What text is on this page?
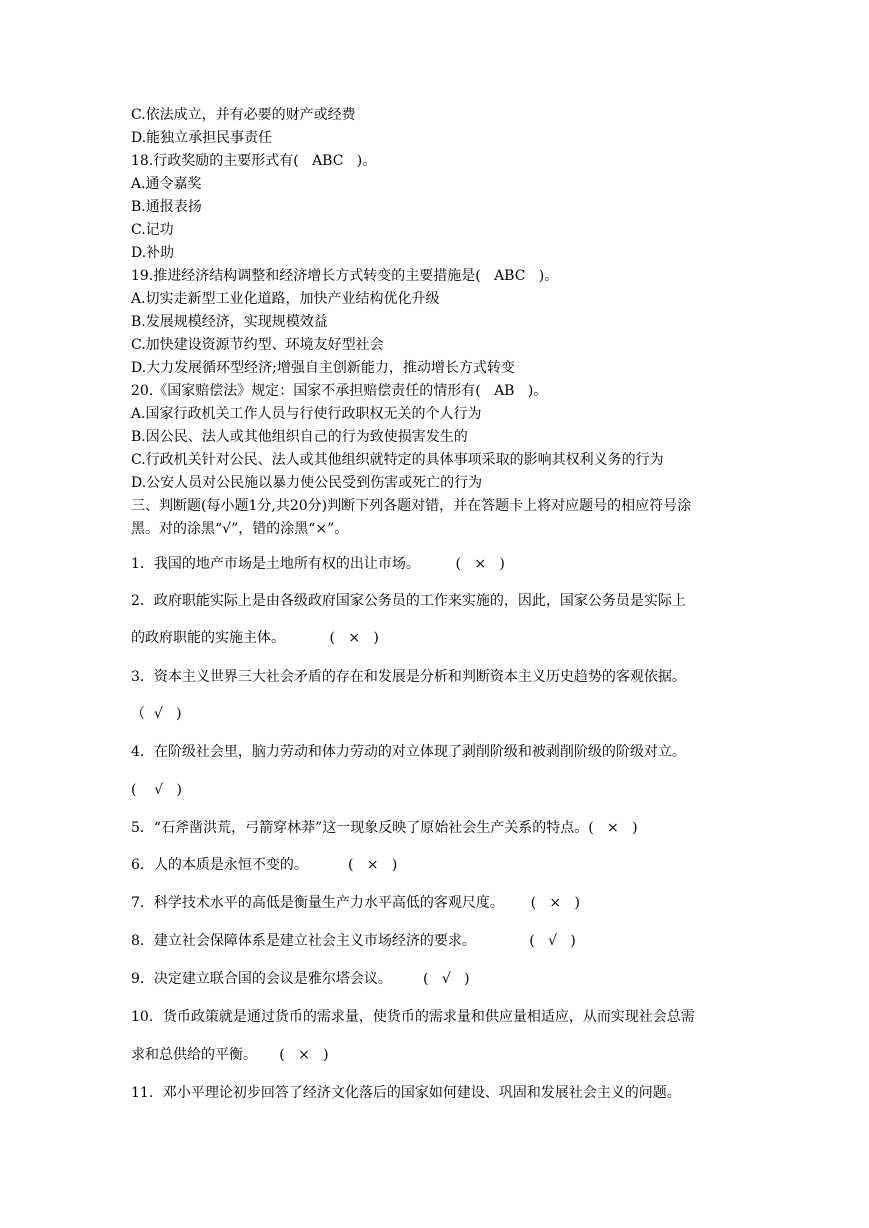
C.依法成立，并有必要的财产或经费
D.能独立承担民事责任
18.行政奖励的主要形式有(   ABC   )。
A.通令嘉奖
B.通报表扬
C.记功
D.补助
19.推进经济结构调整和经济增长方式转变的主要措施是(   ABC   )。
A.切实走新型工业化道路，加快产业结构优化升级
B.发展规模经济，实现规模效益
C.加快建设资源节约型、环境友好型社会
D.大力发展循环型经济;增强自主创新能力，推动增长方式转变
20.《国家赔偿法》规定：国家不承担赔偿责任的情形有(   AB   )。
A.国家行政机关工作人员与行使行政职权无关的个人行为
B.因公民、法人或其他组织自己的行为致使损害发生的
C.行政机关针对公民、法人或其他组织就特定的具体事项采取的影响其权利义务的行为
D.公安人员对公民施以暴力使公民受到伤害或死亡的行为
三、判断题(每小题1分,共20分)判断下列各题对错，并在答题卡上将对应题号的相应符号涂
黑。对的涂黑“√”，错的涂黑“×”。
1．我国的地产市场是土地所有权的出让市场。        (   ×   )
2．政府职能实际上是由各级政府国家公务员的工作来实施的，因此，国家公务员是实际上
的政府职能的实施主体。          (   ×   )
3．资本主义世界三大社会矛盾的存在和发展是分析和判断资本主义历史趋势的客观依据。
（  √   )
4．在阶级社会里，脑力劳动和体力劳动的对立体现了剥削阶级和被剥削阶级的阶级对立。
(    √   )
5．“石斧凿洪荒，弓箭穿林莽”这一现象反映了原始社会生产关系的特点。(   ×   )
6．人的本质是永恒不变的。         (   ×   )
7．科学技术水平的高低是衡量生产力水平高低的客观尺度。      (   ×   )
8．建立社会保障体系是建立社会主义市场经济的要求。            (   √   )
9．决定建立联合国的会议是雅尔塔会议。       (   √   )
10．货币政策就是通过货币的需求量，使货币的需求量和供应量相适应，从而实现社会总需
求和总供给的平衡。     (   ×   )
11．邓小平理论初步回答了经济文化落后的国家如何建设、巩固和发展社会主义的问题。
